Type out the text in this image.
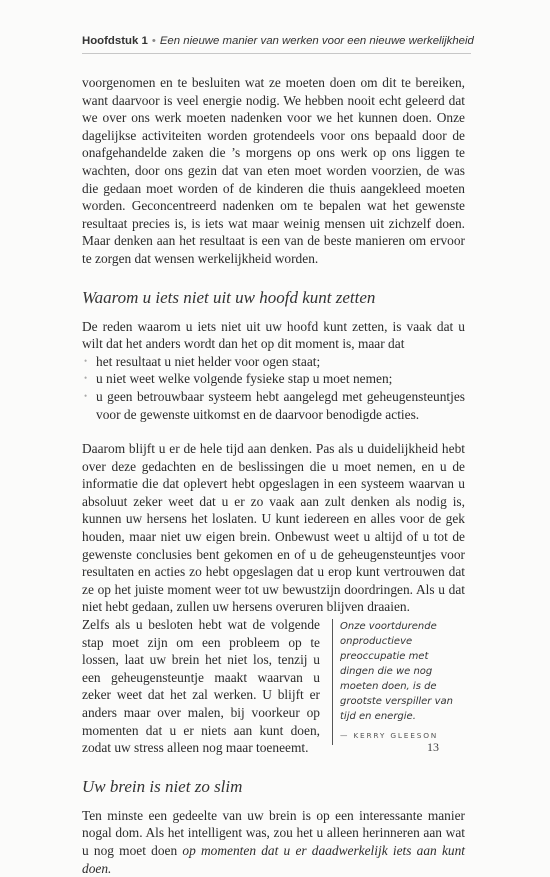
Hoofdstuk 1 • Een nieuwe manier van werken voor een nieuwe werkelijkheid

voorgenomen en te besluiten wat ze moeten doen om dit te bereiken, want daarvoor is veel energie nodig. We hebben nooit echt geleerd dat we over ons werk moeten nadenken voor we het kunnen doen. Onze dagelijkse activiteiten worden grotendeels voor ons bepaald door de onafgehandelde zaken die ’s morgens op ons werk op ons liggen te wachten, door ons gezin dat van eten moet worden voorzien, de was die gedaan moet worden of de kinderen die thuis aangekleed moeten worden. Geconcentreerd nadenken om te bepalen wat het gewenste resultaat precies is, is iets wat maar weinig mensen uit zichzelf doen. Maar denken aan het resultaat is een van de beste manieren om ervoor te zorgen dat wensen werkelijkheid worden.

Waarom u iets niet uit uw hoofd kunt zetten

De reden waarom u iets niet uit uw hoofd kunt zetten, is vaak dat u wilt dat het anders wordt dan het op dit moment is, maar dat

• het resultaat u niet helder voor ogen staat;
• u niet weet welke volgende fysieke stap u moet nemen;
• u geen betrouwbaar systeem hebt aangelegd met geheugensteuntjes voor de gewenste uitkomst en de daarvoor benodigde acties.

Daarom blijft u er de hele tijd aan denken. Pas als u duidelijkheid hebt over deze gedachten en de beslissingen die u moet nemen, en u de informatie die dat oplevert hebt opgeslagen in een systeem waarvan u absoluut zeker weet dat u er zo vaak aan zult denken als nodig is, kunnen uw hersens het loslaten. U kunt iedereen en alles voor de gek houden, maar niet uw eigen brein. Onbewust weet u altijd of u tot de gewenste conclusies bent gekomen en of u de geheugensteuntjes voor resultaten en acties zo hebt opgeslagen dat u erop kunt vertrouwen dat ze op het juiste moment weer tot uw bewustzijn doordringen. Als u dat niet hebt gedaan, zullen uw hersens overuren blijven draaien.

Onze voortdurende onproductieve preoccupatie met dingen die we nog moeten doen, is de grootste verspiller van tijd en energie.
— KERRY GLEESON

Zelfs als u besloten hebt wat de volgende stap moet zijn om een probleem op te lossen, laat uw brein het niet los, tenzij u een geheugensteuntje maakt waarvan u zeker weet dat het zal werken. U blijft er anders maar over malen, bij voorkeur op momenten dat u er niets aan kunt doen, zodat uw stress alleen nog maar toeneemt.

Uw brein is niet zo slim

Ten minste een gedeelte van uw brein is op een interessante manier nogal dom. Als het intelligent was, zou het u alleen herinneren aan wat u nog moet doen op momenten dat u er daadwerkelijk iets aan kunt doen.

13
